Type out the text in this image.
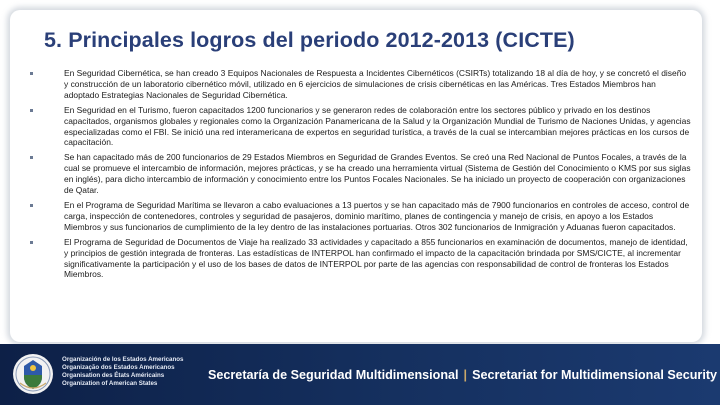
5. Principales logros del periodo 2012-2013 (CICTE)
En Seguridad Cibernética, se han creado 3 Equipos Nacionales de Respuesta a Incidentes Cibernéticos (CSIRTs) totalizando 18 al día de hoy, y se concretó el diseño y construcción de un laboratorio cibernético móvil, utilizado en 6 ejercicios de simulaciones de crisis cibernéticas en las Américas. Tres Estados Miembros han adoptado Estrategias Nacionales de Seguridad Cibernética.
En Seguridad en el Turismo, fueron capacitados 1200 funcionarios y se generaron redes de colaboración entre los sectores público y privado en los destinos capacitados, organismos globales y regionales como la Organización Panamericana de la Salud y la Organización Mundial de Turismo de Naciones Unidas, y agencias especializadas como el FBI. Se inició una red interamericana de expertos en seguridad turística, a través de la cual se intercambian mejores prácticas en los cursos de capacitación.
Se han capacitado más de 200 funcionarios de 29 Estados Miembros en Seguridad de Grandes Eventos. Se creó una Red Nacional de Puntos Focales, a través de la cual se promueve el intercambio de información, mejores prácticas, y se ha creado una herramienta virtual (Sistema de Gestión del Conocimiento o KMS por sus siglas en inglés), para dicho intercambio de información y conocimiento entre los Puntos Focales Nacionales. Se ha iniciado un proyecto de cooperación con organizaciones de Qatar.
En el Programa de Seguridad Marítima se llevaron a cabo evaluaciones a 13 puertos y se han capacitado más de 7900 funcionarios en controles de acceso, control de carga, inspección de contenedores, controles y seguridad de pasajeros, dominio marítimo, planes de contingencia y manejo de crisis, en apoyo a los Estados Miembros y sus funcionarios de cumplimiento de la ley dentro de las instalaciones portuarias. Otros 302 funcionarios de Inmigración y Aduanas fueron capacitados.
El Programa de Seguridad de Documentos de Viaje ha realizado 33 actividades y capacitado a 855 funcionarios en examinación de documentos, manejo de identidad, y principios de gestión integrada de fronteras. Las estadísticas de INTERPOL han confirmado el impacto de la capacitación brindada por SMS/CICTE, al incrementar significativamente la participación y el uso de los bases de datos de INTERPOL por parte de las agencias con responsabilidad de control de fronteras los Estados Miembros.
Organización de los Estados Americanos
Organização dos Estados Americanos
Organisation des États Américains
Organization of American States
Secretaría de Seguridad Multidimensional | Secretariat for Multidimensional Security
